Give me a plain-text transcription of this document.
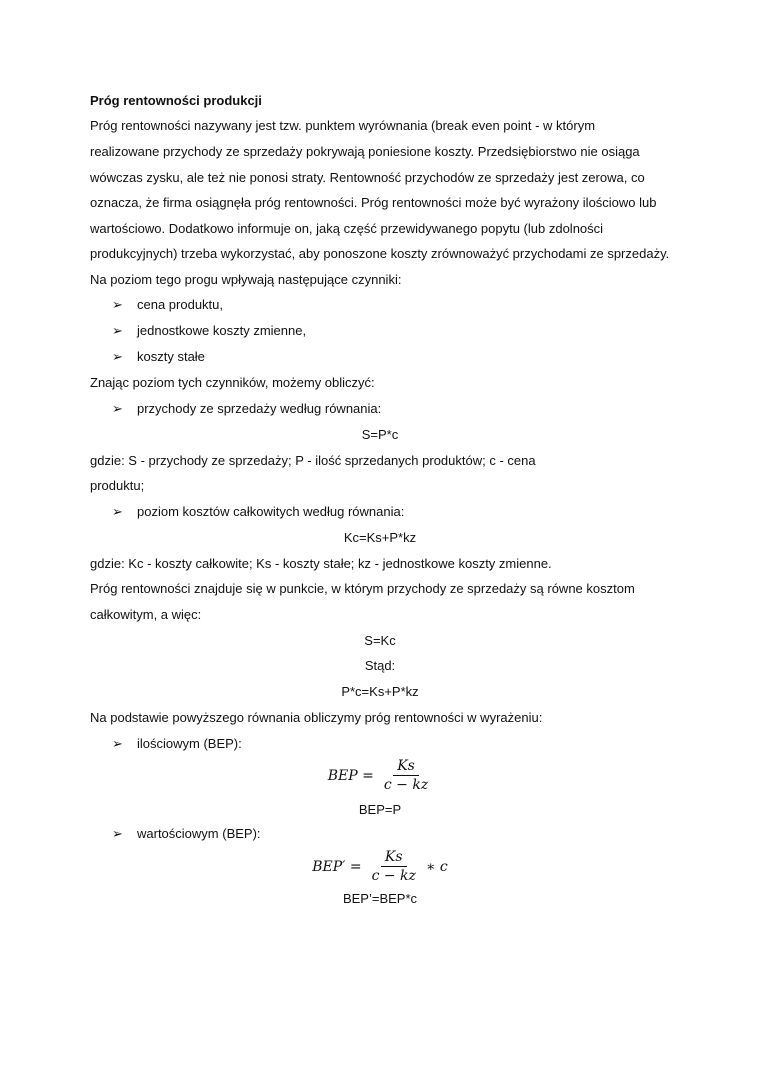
Próg rentowności produkcji
Próg rentowności nazywany jest tzw. punktem wyrównania (break even point - w którym
realizowane przychody ze sprzedaży pokrywają poniesione koszty. Przedsiębiorstwo nie osiąga
wówczas zysku, ale też nie ponosi straty. Rentowność przychodów ze sprzedaży jest zerowa, co
oznacza, że firma osiągnęła próg rentowności. Próg rentowności może być wyrażony ilościowo lub
wartościowo. Dodatkowo informuje on, jaką część przewidywanego popytu (lub zdolności
produkcyjnych) trzeba wykorzystać, aby ponoszone koszty zrównoważyć przychodami ze sprzedaży.
Na poziom tego progu wpływają następujące czynniki:
➢ cena produktu,
➢ jednostkowe koszty zmienne,
➢ koszty stałe
Znając poziom tych czynników, możemy obliczyć:
➢ przychody ze sprzedaży według równania:
S=P*c
gdzie: S - przychody ze sprzedaży; P - ilość sprzedanych produktów; c - cena
produktu;
➢ poziom kosztów całkowitych według równania:
Kc=Ks+P*kz
gdzie: Kc - koszty całkowite; Ks - koszty stałe; kz - jednostkowe koszty zmienne.
Próg rentowności znajduje się w punkcie, w którym przychody ze sprzedaży są równe kosztom
całkowitym, a więc:
S=Kc
Stąd:
P*c=Ks+P*kz
Na podstawie powyższego równania obliczymy próg rentowności w wyrażeniu:
➢ ilościowym (BEP):
BEP = $\frac{Ks}{c - kz}$
BEP=P
➢ wartościowym (BEP):
$BEP' = \frac{Ks}{c - kz}$ ∗ c
BEP’=BEP*c
